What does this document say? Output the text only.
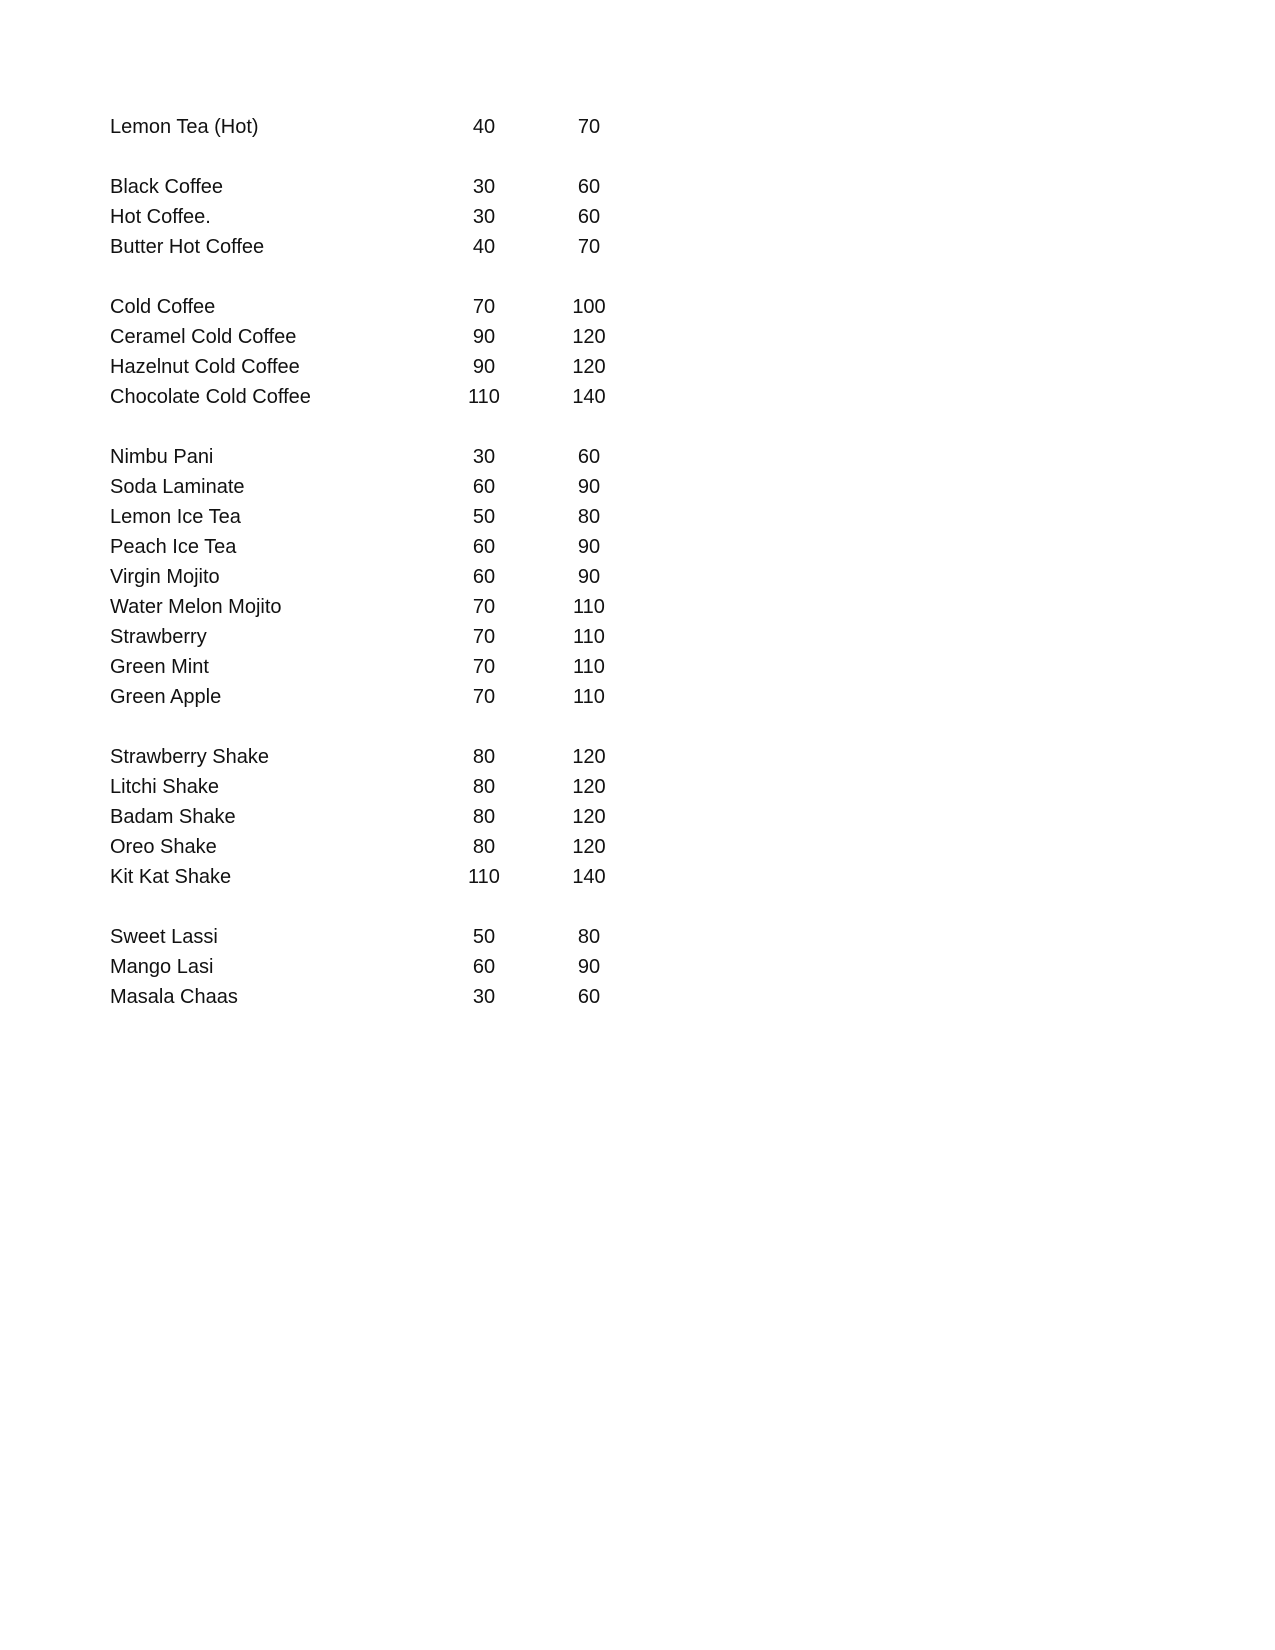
Lemon Tea (Hot)	40	70
Black Coffee	30	60
Hot Coffee.	30	60
Butter Hot Coffee	40	70
Cold Coffee	70	100
Ceramel Cold Coffee	90	120
Hazelnut Cold Coffee	90	120
Chocolate Cold Coffee	110	140
Nimbu Pani	30	60
Soda Laminate	60	90
Lemon Ice Tea	50	80
Peach Ice Tea	60	90
Virgin Mojito	60	90
Water Melon Mojito	70	110
Strawberry	70	110
Green Mint	70	110
Green Apple	70	110
Strawberry Shake	80	120
Litchi Shake	80	120
Badam Shake	80	120
Oreo Shake	80	120
Kit Kat Shake	110	140
Sweet Lassi	50	80
Mango Lasi	60	90
Masala Chaas	30	60
